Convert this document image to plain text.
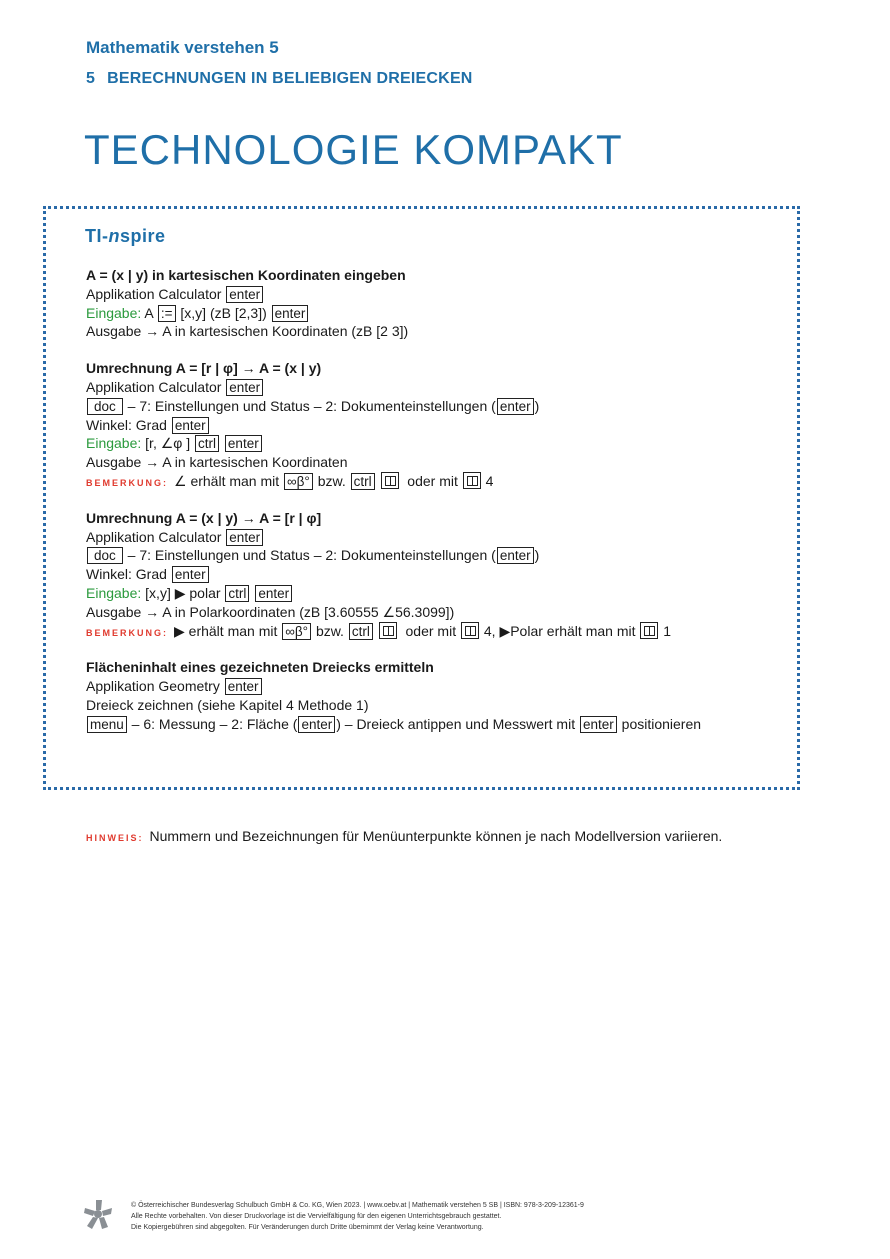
Mathematik verstehen 5
5 BERECHNUNGEN IN BELIEBIGEN DREIECKEN
TECHNOLOGIE KOMPAKT
TI-nspire
A = (x | y) in kartesischen Koordinaten eingeben
Applikation Calculator enter
Eingabe: A := [x,y] (zB [2,3]) enter
Ausgabe → A in kartesischen Koordinaten (zB [2 3])
Umrechnung A = [r | φ] → A = (x | y)
Applikation Calculator enter
doc – 7: Einstellungen und Status – 2: Dokumenteinstellungen ( enter )
Winkel: Grad enter
Eingabe: [r, ∠φ ] ctrl enter
Ausgabe → A in kartesischen Koordinaten
BEMERKUNG: ∠ erhält man mit ∞β° bzw. ctrl	oder mit 4
Umrechnung A = (x | y) → A = [r | φ]
Applikation Calculator enter
doc – 7: Einstellungen und Status – 2: Dokumenteinstellungen ( enter )
Winkel: Grad enter
Eingabe: [x,y] ▶ polar ctrl enter
Ausgabe → A in Polarkoordinaten (zB [3.60555 ∠56.3099])
BEMERKUNG: ▶ erhält man mit ∞β° bzw. ctrl	oder mit 4, ▶Polar erhält man mit 1
Flächeninhalt eines gezeichneten Dreiecks ermitteln
Applikation Geometry enter
Dreieck zeichnen (siehe Kapitel 4 Methode 1)
menu – 6: Messung – 2: Fläche ( enter ) – Dreieck antippen und Messwert mit enter positionieren
HINWEIS: Nummern und Bezeichnungen für Menüunterpunkte können je nach Modellversion variieren.
© Österreichischer Bundesverlag Schulbuch GmbH & Co. KG, Wien 2023. | www.oebv.at | Mathematik verstehen 5 SB | ISBN: 978-3-209-12361-9
Alle Rechte vorbehalten. Von dieser Druckvorlage ist die Vervielfältigung für den eigenen Unterrichtsgebrauch gestattet.
Die Kopiergebühren sind abgegolten. Für Veränderungen durch Dritte übernimmt der Verlag keine Verantwortung.
